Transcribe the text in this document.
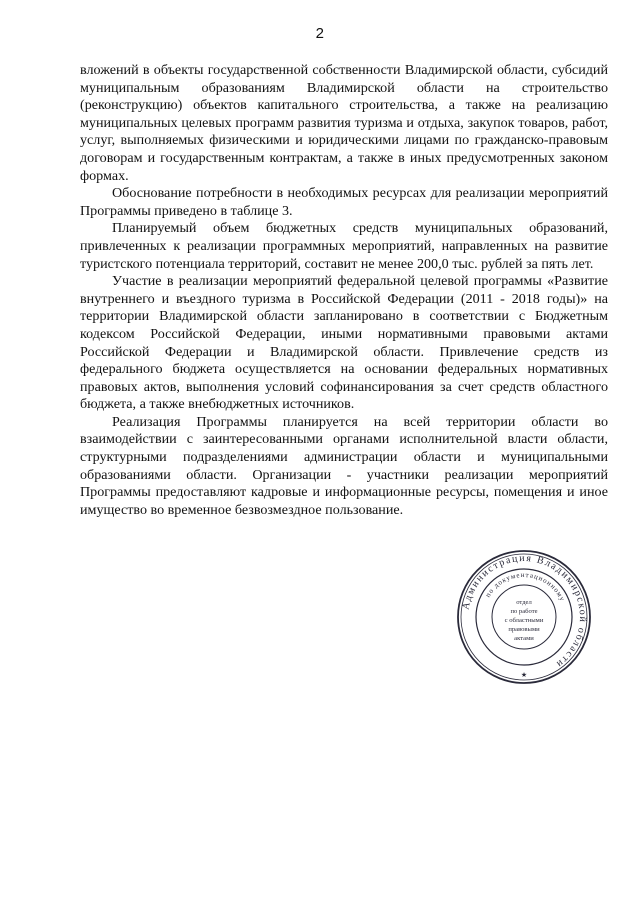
2

вложений в объекты государственной собственности Владимирской области, субсидий муниципальным образованиям Владимирской области на строительство (реконструкцию) объектов капитального строительства, а также на реализацию муниципальных целевых программ развития туризма и отдыха, закупок товаров, работ, услуг, выполняемых физическими и юридическими лицами по гражданско-правовым договорам и государственным контрактам, а также в иных предусмотренных законом формах.

Обоснование потребности в необходимых ресурсах для реализации мероприятий Программы приведено в таблице 3.

Планируемый объем бюджетных средств муниципальных образований, привлеченных к реализации программных мероприятий, направленных на развитие туристского потенциала территорий, составит не менее 200,0 тыс. рублей за пять лет.

Участие в реализации мероприятий федеральной целевой программы «Развитие внутреннего и въездного туризма в Российской Федерации (2011 - 2018 годы)» на территории Владимирской области запланировано в соответствии с Бюджетным кодексом Российской Федерации, иными нормативными правовыми актами Российской Федерации и Владимирской области. Привлечение средств из федерального бюджета осуществляется на основании федеральных нормативных правовых актов, выполнения условий софинансирования за счет средств областного бюджета, а также внебюджетных источников.

Реализация Программы планируется на всей территории области во взаимодействии с заинтересованными органами исполнительной власти области, структурными подразделениями администрации области и муниципальными образованиями области. Организации - участники реализации мероприятий Программы предоставляют кадровые и информационные ресурсы, помещения и иное имущество во временное безвозмездное пользование.

Администрация Владимирской области
по документационному
отдел
по работе
с областными
правовыми
актами
★
